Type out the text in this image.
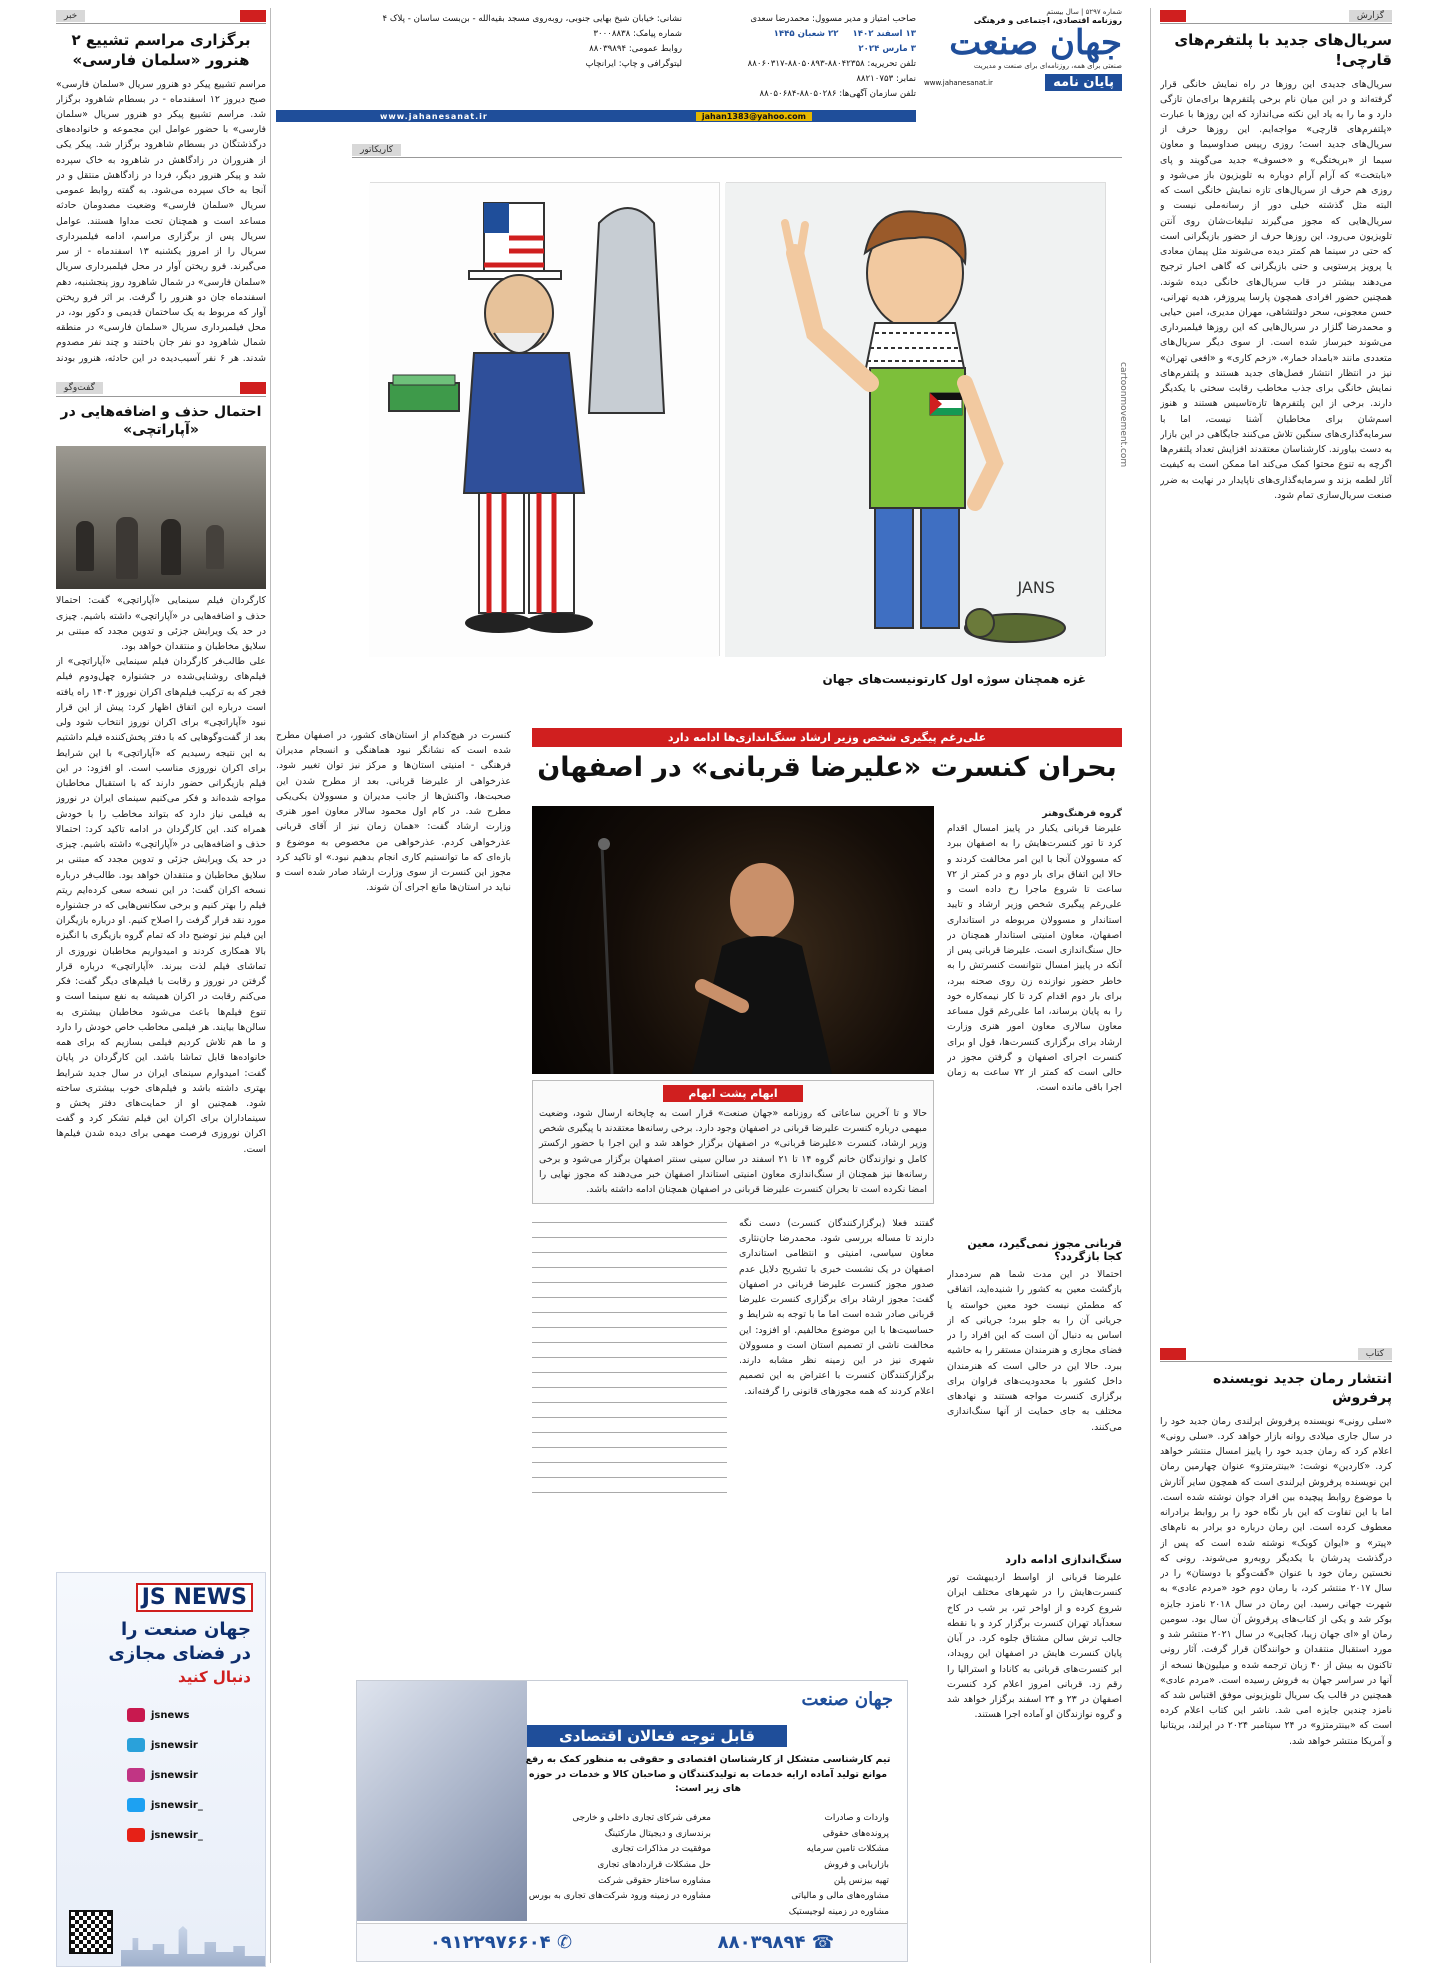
خبر
برگزاری مراسم تشییع ۲ هنرور «سلمان فارسی»
مراسم تشییع پیکر دو هنرور سریال «سلمان فارسی» صبح دیروز ۱۲ اسفند‌ماه - در بسطام شاهرود برگزار شد. مراسم تشییع پیکر دو هنرور سریال «سلمان فارسی» با حضور عوامل این مجموعه و خانواده‌های درگذشتگان در بسطام شاهرود برگزار شد. پیکر یکی از هنروران در زادگاهش در شاهرود به خاک سپرده شد و پیکر هنرور دیگر، فردا در زادگاهش منتقل و در آنجا به خاک سپرده می‌شود. به گفته روابط عمومی سریال «سلمان فارسی» وضعیت مصدومان حادثه مساعد است و همچنان تحت مداوا هستند. عوامل سریال پس از برگزاری مراسم، ادامه فیلمبرداری سریال را از امروز یکشنبه ۱۳ اسفند‌ماه - از سر می‌گیرند. فرو ریختن آوار در محل فیلمبرداری سریال «سلمان فارسی» در شمال شاهرود روز پنجشنبه، دهم اسفند‌ماه جان دو هنرور را گرفت. بر اثر فرو ریختن آوار که مربوط به یک ساختمان قدیمی و دکور بود، در محل فیلمبرداری سریال «سلمان فارسی» در منطقه شمال شاهرود دو نفر جان باختند و چند نفر مصدوم شدند. هر ۶ نفر آسیب‌دیده در این حادثه، هنرور بودند
گفت‌وگو
احتمال حذف و اضافه‌هایی در «آپاراتچی»
کارگردان فیلم سینمایی «آپاراتچی» گفت: احتمالا حذف و اضافه‌هایی در «آپاراتچی» داشته باشیم. چیزی در حد یک ویرایش جزئی و تدوین مجدد که مبتنی بر سلایق مخاطبان و منتقدان خواهد بود.
علی طالب‌فر کارگردان فیلم سینمایی «آپاراتچی» از فیلم‌های روشنایی‌شده در جشنواره چهل‌ودوم فیلم فجر که به ترکیب فیلم‌های اکران نوروز ۱۴۰۳ راه یافته است درباره این اتفاق اظهار کرد: پیش از این قرار نبود «آپاراتچی» برای اکران نوروز انتخاب شود ولی بعد از گفت‌وگوهایی که با دفتر پخش‌کننده فیلم داشتیم به این نتیجه رسیدیم که «آپاراتچی» با این شرایط برای اکران نوروزی مناسب است. او افزود: در این فیلم بازیگرانی حضور دارند که با استقبال مخاطبان مواجه شده‌اند و فکر می‌کنیم سینمای ایران در نوروز به فیلمی نیاز دارد که بتواند مخاطب را با خودش همراه کند. این کارگردان در ادامه تاکید کرد: احتمالا حذف و اضافه‌هایی در «آپاراتچی» داشته باشیم. چیزی در حد یک ویرایش جزئی و تدوین مجدد که مبتنی بر سلایق مخاطبان و منتقدان خواهد بود. طالب‌فر درباره نسخه اکران گفت: در این نسخه سعی کرده‌ایم ریتم فیلم را بهتر کنیم و برخی سکانس‌هایی که در جشنواره مورد نقد قرار گرفت را اصلاح کنیم. او درباره بازیگران این فیلم نیز توضیح داد که تمام گروه بازیگری با انگیزه بالا همکاری کردند و امیدواریم مخاطبان نوروزی از تماشای فیلم لذت ببرند. «آپاراتچی» درباره قرار گرفتن در نوروز و رقابت با فیلم‌های دیگر گفت: فکر می‌کنم رقابت در اکران همیشه به نفع سینما است و تنوع فیلم‌ها باعث می‌شود مخاطبان بیشتری به سالن‌ها بیایند. هر فیلمی مخاطب خاص خودش را دارد و ما هم تلاش کردیم فیلمی بسازیم که برای همه خانواده‌ها قابل تماشا باشد. این کارگردان در پایان گفت: امیدوارم سینمای ایران در سال جدید شرایط بهتری داشته باشد و فیلم‌های خوب بیشتری ساخته شود. همچنین او از حمایت‌های دفتر پخش و سینماداران برای اکران این فیلم تشکر کرد و گفت اکران نوروزی فرصت مهمی برای دیده شدن فیلم‌ها است.
JS NEWS
جهان صنعت را
در فضای مجازی
دنبال کنید
jsnews
jsnewsir
jsnewsir
jsnewsir_
jsnewsir_
شماره ۵۲۹۷ | سال بیستم
روزنامه اقتصادی، اجتماعی و فرهنگی
جهان صنعت
صنعتی برای همه، روزنامه‌ای برای صنعت و مدیریت
پایان نامه
www.jahanesanat.ir
صاحب امتیاز و مدیر مسوول: محمدرضا سعدی
۱۳ اسفند ۱۴۰۲
۲۲ شعبان ۱۴۴۵
۳ مارس ۲۰۲۴
تلفن تحریریه: ۸۸۰۴۲۳۵۸-۸۸۰۵۰۸۹۳-۸۸۰۶۰۳۱۷
نمابر: ۸۸۲۱۰۷۵۳
تلفن سازمان آگهی‌ها: ۸۸۰۵۰۲۸۶-۸۸۰۵۰۶۸۴
نشانی: خیابان شیخ بهایی جنوبی، روبه‌روی مسجد بقیه‌الله - بن‌بست ساسان - پلاک ۴
شماره پیامک: ۳۰۰۰۸۸۳۸
روابط عمومی: ۸۸۰۳۹۸۹۴
لیتوگرافی و چاپ: ایرانچاپ
www.jahanesanat.ir	jahan1383@yahoo.com
کاریکاتور
JANS
غزه همچنان سوژه اول کارتونیست‌های جهان
cartoonmovement.com
علی‌رغم پیگیری شخص وزیر ارشاد سنگ‌اندازی‌ها ادامه دارد
بحران کنسرت «علیرضا قربانی» در اصفهان
گروه فرهنگ‌وهنر
علیرضا قربانی یکبار در پاییز امسال اقدام کرد تا تور کنسرت‌هایش را به اصفهان ببرد که مسوولان آنجا با این امر مخالفت کردند و حالا این اتفاق برای بار دوم و در کمتر از ۷۲ ساعت تا شروع ماجرا رخ داده است و علی‌رغم پیگیری شخص وزیر ارشاد و تایید استاندار و مسوولان مربوطه در استانداری اصفهان، معاون امنیتی استاندار همچنان در حال سنگ‌اندازی است. علیرضا قربانی پس از آنکه در پاییز امسال نتوانست کنسرتش را به خاطر حضور نوازنده زن روی صحنه ببرد، برای بار دوم اقدام کرد تا کار نیمه‌کاره خود را به پایان برساند، اما علی‌رغم قول مساعد معاون سالاری معاون امور هنری وزارت ارشاد برای برگزاری کنسرت‌ها، قول او برای کنسرت اجرای اصفهان و گرفتن مجوز در حالی است که کمتر از ۷۲ ساعت به زمان اجرا باقی مانده است.
قربانی مجوز نمی‌گیرد، معین کجا بازگردد؟
احتمالا در این مدت شما هم سردمدار بازگشت معین به کشور را شنیده‌اید، اتفاقی که مطمئن نیست خود معین خواسته یا جریانی آن را به جلو ببرد؛ جریانی که از اساس به دنبال آن است که این افراد را در فضای مجازی و هنرمندان مستقر را به حاشیه ببرد. حالا این در حالی است که هنرمندان داخل کشور با محدودیت‌های فراوان برای برگزاری کنسرت مواجه هستند و نهادهای مختلف به جای حمایت از آنها سنگ‌اندازی می‌کنند.
سنگ‌اندازی ادامه دارد
علیرضا قربانی از اواسط اردیبهشت تور کنسرت‌هایش را در شهرهای مختلف ایران شروع کرده و از اواخر تیر، بر شب در کاخ سعدآباد تهران کنسرت برگزار کرد و با نقطه جالب ترش سالن مشتاق جلوه کرد. در آبان پایان کنسرت هایش در اصفهان این رویداد، ابر کنسرت‌های قربانی به کانادا و استرالیا را رقم زد. قربانی امروز اعلام کرد کنسرت اصفهان در ۲۳ و ۲۴ اسفند برگزار خواهد شد و گروه نوازندگان او آماده اجرا هستند.
ابهام پشت ابهام
حالا و تا آخرین ساعاتی که روزنامه «جهان صنعت» قرار است به چاپخانه ارسال شود، وضعیت مبهمی درباره کنسرت علیرضا قربانی در اصفهان وجود دارد. برخی رسانه‌ها معتقدند با پیگیری شخص وزیر ارشاد، کنسرت «علیرضا قربانی» در اصفهان برگزار خواهد شد و این اجرا با حضور ارکستر کامل و نوازندگان خانم گروه ۱۴ تا ۲۱ اسفند در سالن سینی سنتر اصفهان برگزار می‌شود و برخی رسانه‌ها نیز همچنان از سنگ‌اندازی معاون امنیتی استاندار اصفهان خبر می‌دهند که مجوز نهایی را امضا نکرده است تا بحران کنسرت علیرضا قربانی در اصفهان همچنان ادامه داشته باشد.
گفتند فعلا (برگزارکنندگان کنسرت) دست نگه دارند تا مساله بررسی شود. محمدرضا جان‌نثاری معاون سیاسی، امنیتی و انتظامی استانداری اصفهان در یک نشست خبری با تشریح دلایل عدم صدور مجوز کنسرت علیرضا قربانی در اصفهان گفت: مجوز ارشاد برای برگزاری کنسرت علیرضا قربانی صادر شده است اما ما با توجه به شرایط و حساسیت‌ها با این موضوع مخالفیم. او افزود: این مخالفت ناشی از تصمیم استان است و مسوولان شهری نیز در این زمینه نظر مشابه دارند. برگزارکنندگان کنسرت با اعتراض به این تصمیم اعلام کردند که همه مجوزهای قانونی را گرفته‌اند.
کنسرت در هیچ‌کدام از استان‌های کشور، در اصفهان مطرح شده است که نشانگر نبود هماهنگی و انسجام مدیران فرهنگی - امنیتی استان‌ها و مرکز نیز توان تغییر شود. عذرخواهی از علیرضا قربانی. بعد از مطرح شدن این صحبت‌ها، واکنش‌ها از جانب مدیران و مسوولان یکی‌یکی مطرح شد. در کام اول محمود سالار معاون امور هنری وزارت ارشاد گفت: «همان زمان نیز از آقای قربانی عذرخواهی کردم. عذرخواهی من مخصوص به موضوع و بازه‌ای که ما توانستیم کاری انجام بدهیم نبود.» او تاکید کرد مجوز این کنسرت از سوی وزارت ارشاد صادر شده است و نباید در استان‌ها مانع اجرای آن شوند.
جهان صنعت
قابل توجه فعالان اقتصادی
تیم کارشناسی متشکل از کارشناسان اقتصادی و حقوقی به منظور کمک به رفع موانع تولید آماده ارایه خدمات به تولیدکنندگان و صاحبان کالا و خدمات در حوزه های زیر است:
واردات و صادرات
پرونده‌های حقوقی
مشکلات تامین سرمایه
بازاریابی و فروش
تهیه بیزنس پلن
مشاوره‌های مالی و مالیاتی
مشاوره در زمینه لوجیستیک
معرفی شرکای تجاری داخلی و خارجی
برندسازی و دیجیتال مارکتینگ
موفقیت در مذاکرات تجاری
حل مشکلات قراردادهای تجاری
مشاوره ساختار حقوقی شرکت
مشاوره در زمینه ورود شرکت‌های تجاری به بورس
☎ ۸۸۰۳۹۸۹۴
✆ ۰۹۱۲۲۹۷۶۶۰۴
گزارش
سریال‌های جدید با پلتفرم‌های قارچی!
سریال‌های جدیدی این روزها در راه نمایش خانگی قرار گرفته‌اند و در این میان نام برخی پلتفرم‌ها برای‌مان تازگی دارد و ما را به یاد این نکته می‌اندازد که این روزها با عبارت «پلتفرم‌های قارچی» مواجه‌ایم. این روزها حرف از سریال‌های جدید است؛ روزی رییس صداوسیما و معاون سیما از «بریختگی» و «خسوف» جدید می‌گویند و پای «بابتخت» که آرام آرام دوباره به تلویزیون باز می‌شود و روزی هم حرف از سریال‌های تازه نمایش خانگی است که البته مثل گذشته خیلی دور از رسانه‌ملی نیست و سریال‌هایی که مجوز می‌گیرند تبلیغات‌شان روی آنتن تلویزیون می‌رود. این روزها حرف از حضور بازیگرانی است که حتی در سینما هم کمتر دیده می‌شوند مثل پیمان معادی یا پرویز پرستویی و حتی بازیگرانی که گاهی اخبار ترجیح می‌دهند بیشتر در قاب سریال‌های خانگی دیده شوند. همچنین حضور افرادی همچون پارسا پیروزفر، هدیه تهرانی، حسن معجونی، سحر دولتشاهی، مهران مدیری، امین حیایی و محمدرضا گلزار در سریال‌هایی که این روزها فیلمبرداری می‌شوند خبرساز شده است. از سوی دیگر سریال‌های متعددی مانند «بامداد خمار»، «زخم کاری» و «افعی تهران» نیز در انتظار انتشار فصل‌های جدید هستند و پلتفرم‌های نمایش خانگی برای جذب مخاطب رقابت سختی با یکدیگر دارند. برخی از این پلتفرم‌ها تازه‌تاسیس هستند و هنوز اسم‌شان برای مخاطبان آشنا نیست، اما با سرمایه‌گذاری‌های سنگین تلاش می‌کنند جایگاهی در این بازار به دست بیاورند. کارشناسان معتقدند افزایش تعداد پلتفرم‌ها اگرچه به تنوع محتوا کمک می‌کند اما ممکن است به کیفیت آثار لطمه بزند و سرمایه‌گذاری‌های ناپایدار در نهایت به ضرر صنعت سریال‌سازی تمام شود.
کتاب
انتشار رمان جدید نویسنده پرفروش
«سلی رونی» نویسنده پرفروش ایرلندی رمان جدید خود را در سال جاری میلادی روانه بازار خواهد کرد. «سلی رونی» اعلام کرد که رمان جدید خود را پاییز امسال منتشر خواهد کرد. «کاردین» نوشت: «بینترمتزو» عنوان چهارمین رمان این نویسنده پرفروش ایرلندی است که همچون سایر آثارش با موضوع روابط پیچیده بین افراد جوان نوشته شده است. اما با این تفاوت که این بار نگاه خود را بر روابط برادرانه معطوف کرده است. این رمان درباره دو برادر به نام‌های «پیتر» و «ایوان کوبک» نوشته شده است که پس از درگذشت پدرشان با یکدیگر روبه‌رو می‌شوند. رونی که نخستین رمان خود با عنوان «گفت‌وگو با دوستان» را در سال ۲۰۱۷ منتشر کرد، با رمان دوم خود «مردم عادی» به شهرت جهانی رسید. این رمان در سال ۲۰۱۸ نامزد جایزه بوکر شد و یکی از کتاب‌های پرفروش آن سال بود. سومین رمان او «ای جهان زیبا، کجایی» در سال ۲۰۲۱ منتشر شد و مورد استقبال منتقدان و خوانندگان قرار گرفت. آثار رونی تاکنون به بیش از ۴۰ زبان ترجمه شده و میلیون‌ها نسخه از آنها در سراسر جهان به فروش رسیده است. «مردم عادی» همچنین در قالب یک سریال تلویزیونی موفق اقتباس شد که نامزد چندین جایزه امی شد. ناشر این کتاب اعلام کرده است که «بینترمتزو» در ۲۴ سپتامبر ۲۰۲۴ در ایرلند، بریتانیا و آمریکا منتشر خواهد شد.
